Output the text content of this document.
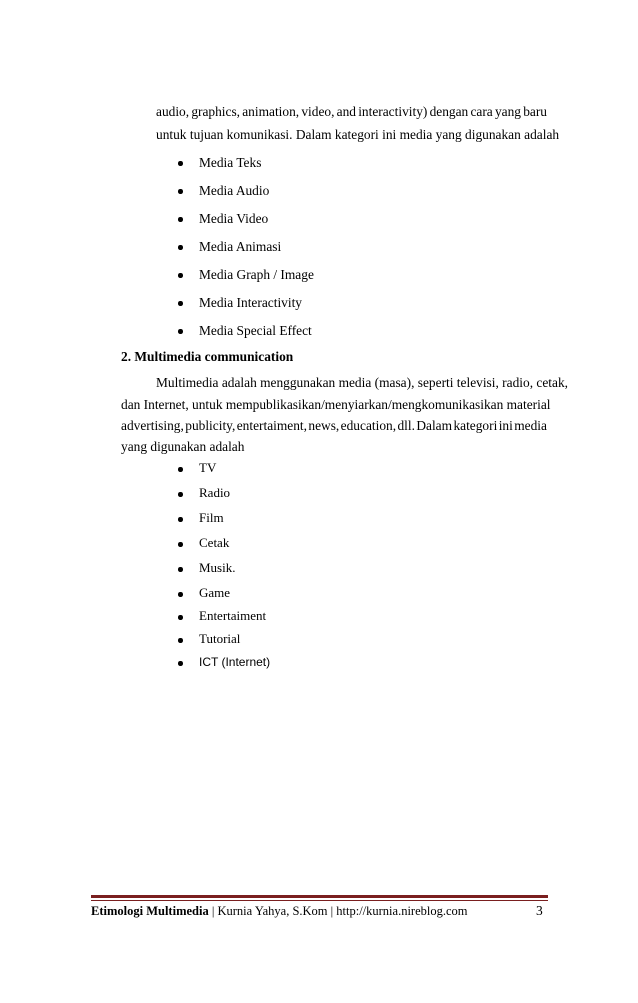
audio, graphics, animation, video, and interactivity) dengan cara yang baru
untuk tujuan komunikasi. Dalam kategori ini media yang digunakan adalah
Media Teks
Media Audio
Media Video
Media Animasi
Media Graph / Image
Media Interactivity
Media Special Effect
2. Multimedia communication
Multimedia adalah menggunakan media (masa), seperti televisi, radio, cetak,
dan Internet, untuk mempublikasikan/menyiarkan/mengkomunikasikan material
advertising, publicity, entertaiment, news, education, dll. Dalam kategori ini media
yang digunakan adalah
TV
Radio
Film
Cetak
Musik.
Game
Entertaiment
Tutorial
ICT (Internet)
Etimologi Multimedia | Kurnia Yahya, S.Kom | http://kurnia.nireblog.com	3
